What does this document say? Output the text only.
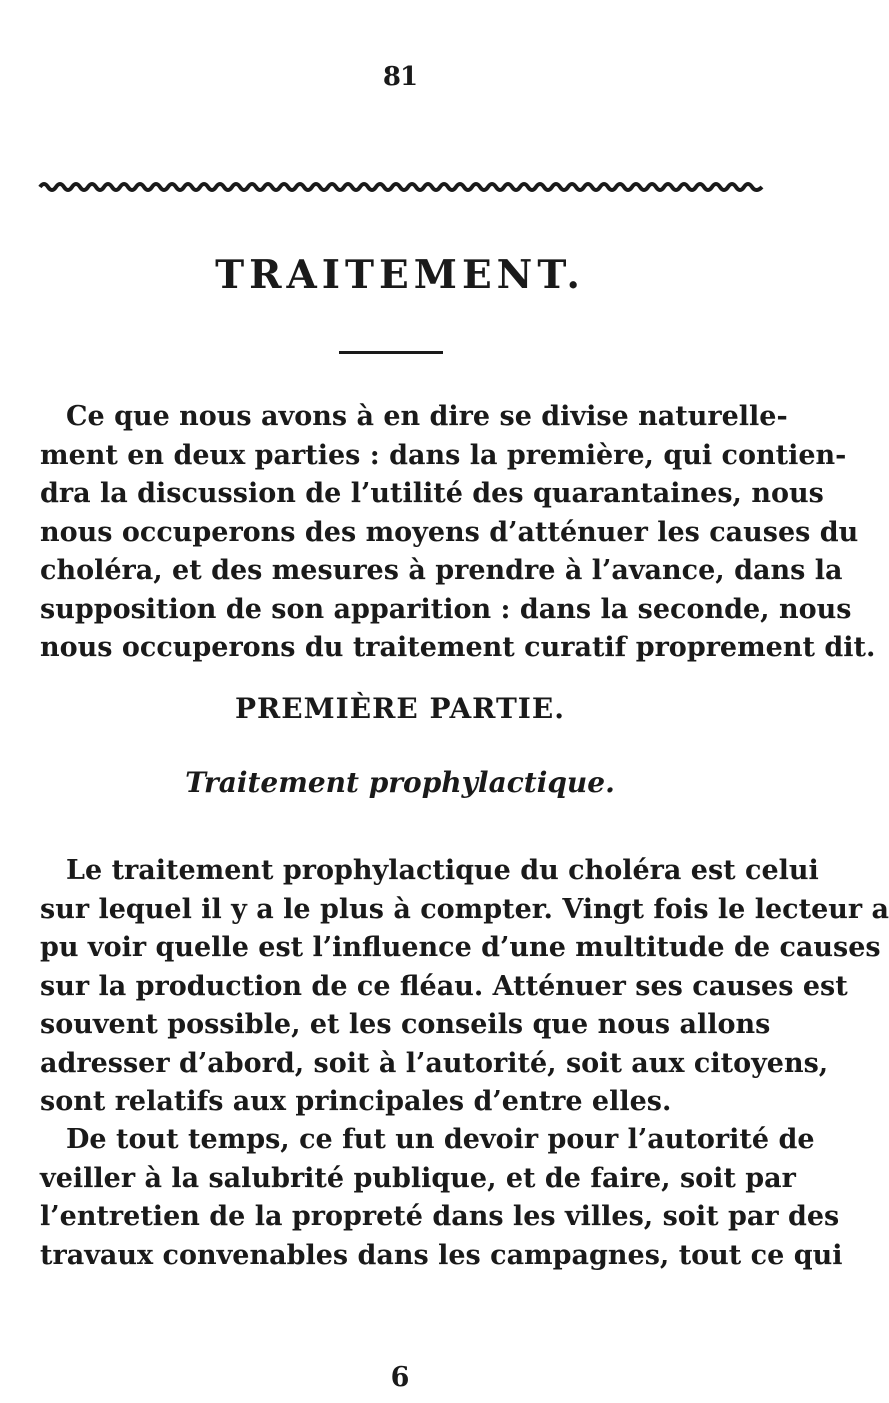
81
TRAITEMENT.
Ce que nous avons à en dire se divise naturelle-
ment en deux parties : dans la première, qui contien-
dra la discussion de l’utilité des quarantaines, nous
nous occuperons des moyens d’atténuer les causes du
choléra, et des mesures à prendre à l’avance, dans la
supposition de son apparition : dans la seconde, nous
nous occuperons du traitement curatif proprement dit.
PREMIÈRE PARTIE.
Traitement prophylactique.
Le traitement prophylactique du choléra est celui
sur lequel il y a le plus à compter. Vingt fois le lecteur a
pu voir quelle est l’influence d’une multitude de causes
sur la production de ce fléau. Atténuer ses causes est
souvent possible, et les conseils que nous allons
adresser d’abord, soit à l’autorité, soit aux citoyens,
sont relatifs aux principales d’entre elles.
De tout temps, ce fut un devoir pour l’autorité de
veiller à la salubrité publique, et de faire, soit par
l’entretien de la propreté dans les villes, soit par des
travaux convenables dans les campagnes, tout ce qui
6
